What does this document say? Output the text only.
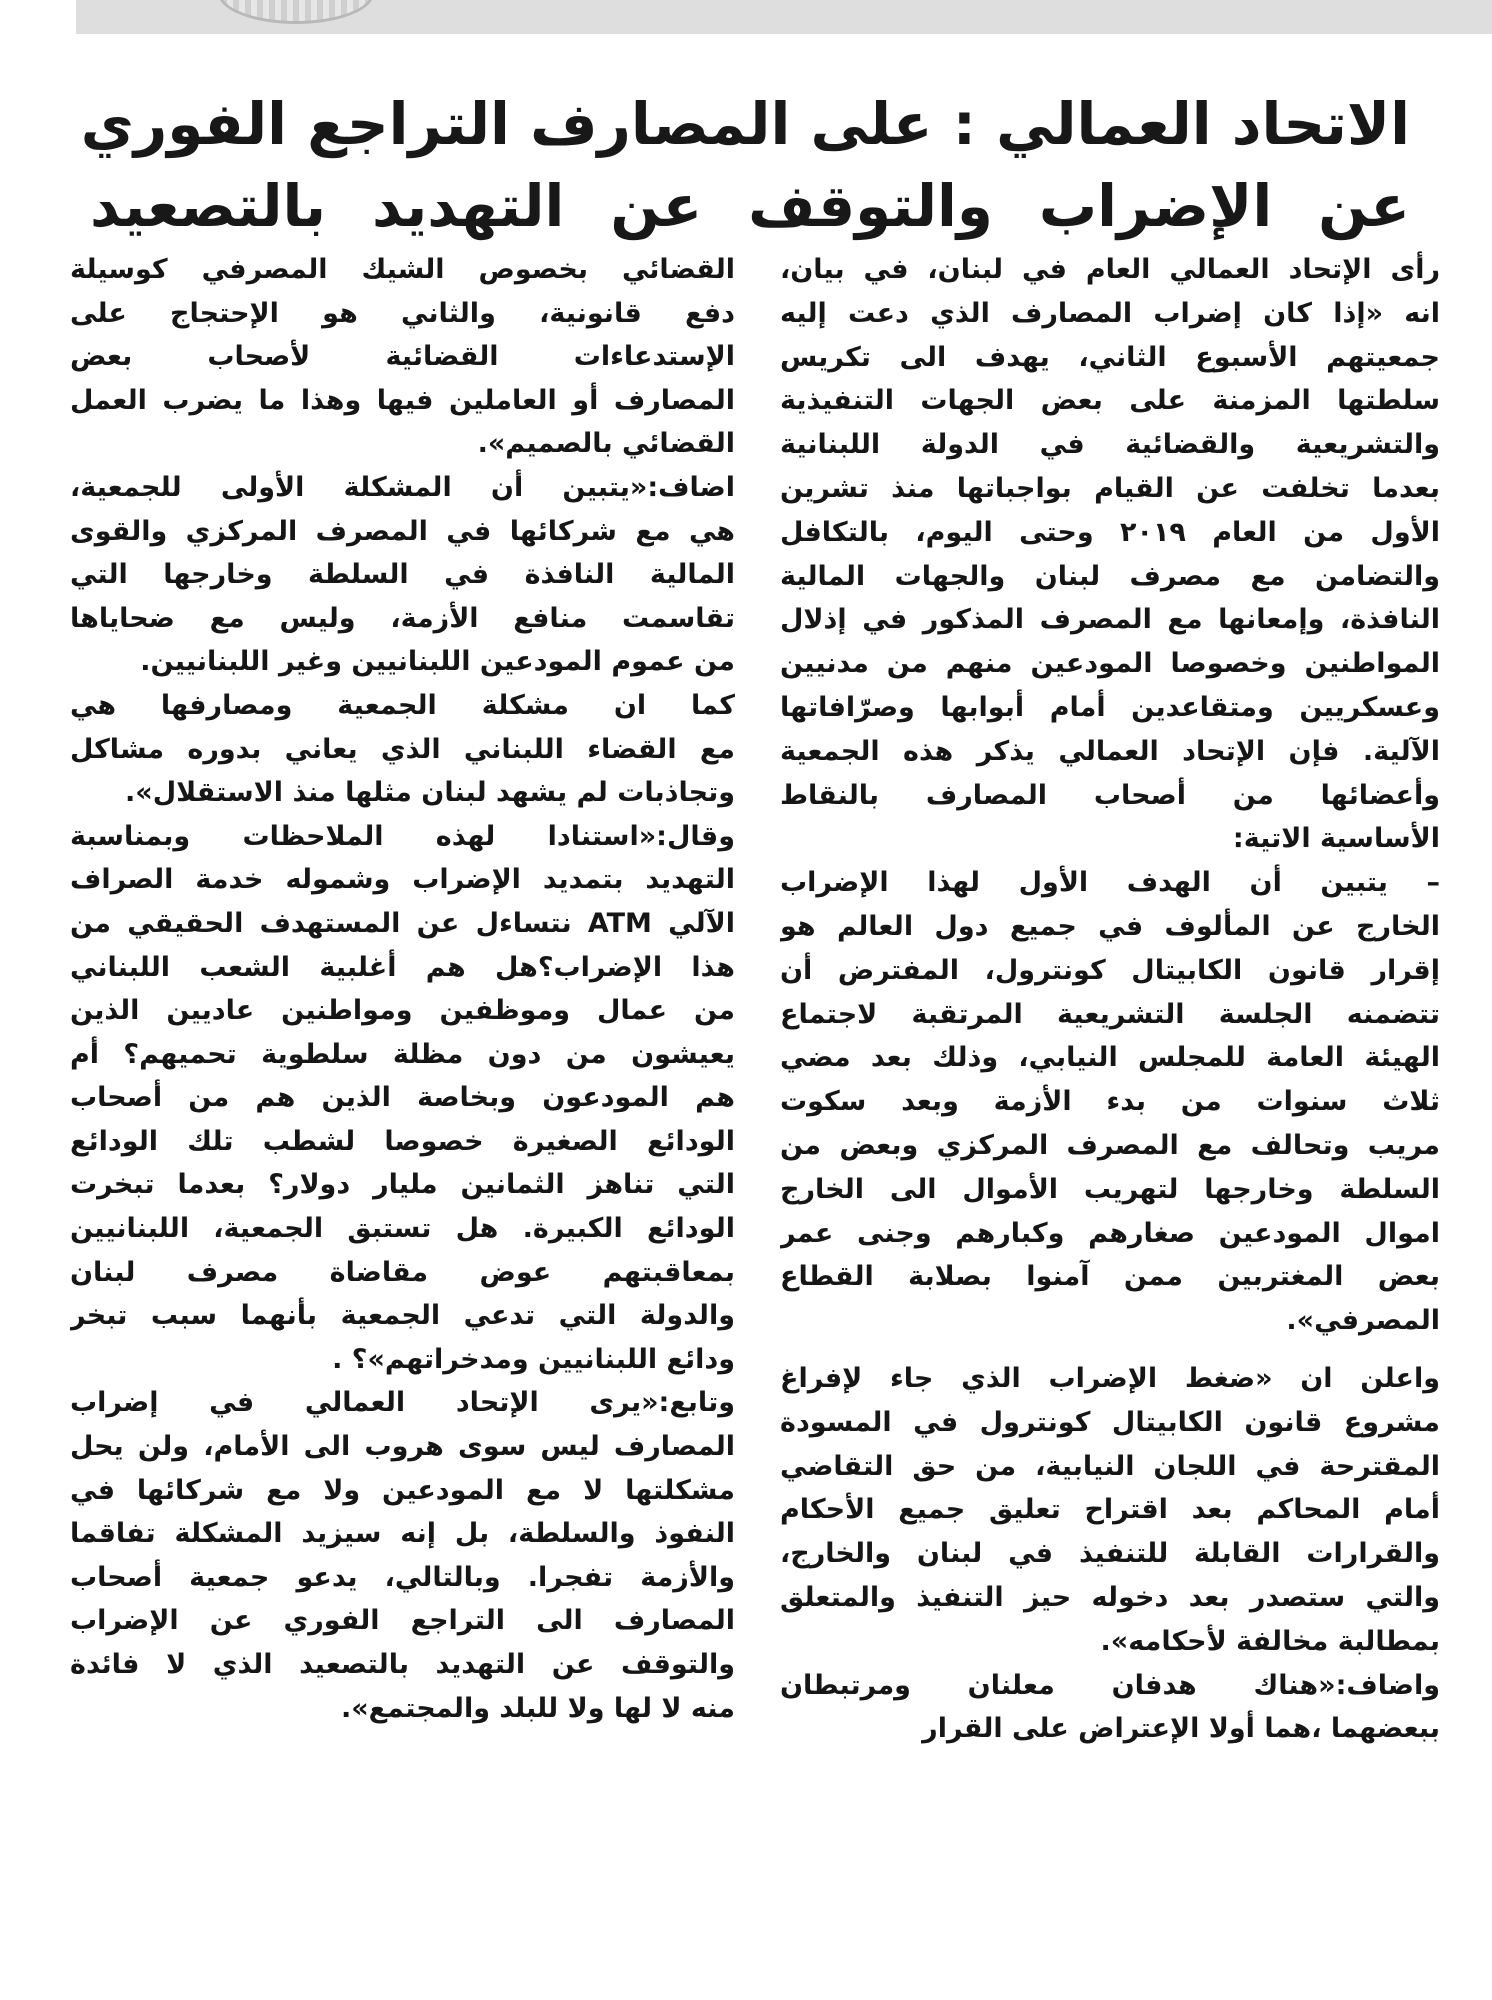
الاتحاد العمالي : على المصارف التراجع الفوري
عن الإضراب والتوقف عن التهديد بالتصعيد
رأى الإتحاد العمالي العام في لبنان، في بيان،
انه «إذا كان إضراب المصارف الذي دعت إليه
جمعيتهم الأسبوع الثاني، يهدف الى تكريس
سلطتها المزمنة على بعض الجهات التنفيذية
والتشريعية والقضائية في الدولة اللبنانية
بعدما تخلفت عن القيام بواجباتها منذ تشرين
الأول من العام ٢٠١٩ وحتى اليوم، بالتكافل
والتضامن مع مصرف لبنان والجهات المالية
النافذة، وإمعانها مع المصرف المذكور في إذلال
المواطنين وخصوصا المودعين منهم من مدنيين
وعسكريين ومتقاعدين أمام أبوابها وصرّافاتها
الآلية. فإن الإتحاد العمالي يذكر هذه الجمعية
وأعضائها من أصحاب المصارف بالنقاط
الأساسية الاتية:
– يتبين أن الهدف الأول لهذا الإضراب
الخارج عن المألوف في جميع دول العالم هو
إقرار قانون الكابيتال كونترول، المفترض أن
تتضمنه الجلسة التشريعية المرتقبة لاجتماع
الهيئة العامة للمجلس النيابي، وذلك بعد مضي
ثلاث سنوات من بدء الأزمة وبعد سكوت
مريب وتحالف مع المصرف المركزي وبعض من
السلطة وخارجها لتهريب الأموال الى الخارج
اموال المودعين صغارهم وكبارهم وجنى عمر
بعض المغتربين ممن آمنوا بصلابة القطاع
المصرفي».
واعلن ان «ضغط الإضراب الذي جاء لإفراغ
مشروع قانون الكابيتال كونترول في المسودة
المقترحة في اللجان النيابية، من حق التقاضي
أمام المحاكم بعد اقتراح تعليق جميع الأحكام
والقرارات القابلة للتنفيذ في لبنان والخارج،
والتي ستصدر بعد دخوله حيز التنفيذ والمتعلق
بمطالبة مخالفة لأحكامه».
واضاف:«هناك هدفان معلنان ومرتبطان
ببعضهما ،هما أولا الإعتراض على القرار
القضائي بخصوص الشيك المصرفي كوسيلة
دفع قانونية، والثاني هو الإحتجاج على
الإستدعاءات القضائية لأصحاب بعض
المصارف أو العاملين فيها وهذا ما يضرب العمل
القضائي بالصميم».
اضاف:«يتبين أن المشكلة الأولى للجمعية،
هي مع شركائها في المصرف المركزي والقوى
المالية النافذة في السلطة وخارجها التي
تقاسمت منافع الأزمة، وليس مع ضحاياها
من عموم المودعين اللبنانيين وغير اللبنانيين.
كما ان مشكلة الجمعية ومصارفها هي
مع القضاء اللبناني الذي يعاني بدوره مشاكل
وتجاذبات لم يشهد لبنان مثلها منذ الاستقلال».
وقال:«استنادا لهذه الملاحظات وبمناسبة
التهديد بتمديد الإضراب وشموله خدمة الصراف
الآلي ATM نتساءل عن المستهدف الحقيقي من
هذا الإضراب؟هل هم أغلبية الشعب اللبناني
من عمال وموظفين ومواطنين عاديين الذين
يعيشون من دون مظلة سلطوية تحميهم؟ أم
هم المودعون وبخاصة الذين هم من أصحاب
الودائع الصغيرة خصوصا لشطب تلك الودائع
التي تناهز الثمانين مليار دولار؟ بعدما تبخرت
الودائع الكبيرة. هل تستبق الجمعية، اللبنانيين
بمعاقبتهم عوض مقاضاة مصرف لبنان
والدولة التي تدعي الجمعية بأنهما سبب تبخر
ودائع اللبنانيين ومدخراتهم»؟ .
وتابع:«يرى الإتحاد العمالي في إضراب
المصارف ليس سوى هروب الى الأمام، ولن يحل
مشكلتها لا مع المودعين ولا مع شركائها في
النفوذ والسلطة، بل إنه سيزيد المشكلة تفاقما
والأزمة تفجرا. وبالتالي، يدعو جمعية أصحاب
المصارف الى التراجع الفوري عن الإضراب
والتوقف عن التهديد بالتصعيد الذي لا فائدة
منه لا لها ولا للبلد والمجتمع».
